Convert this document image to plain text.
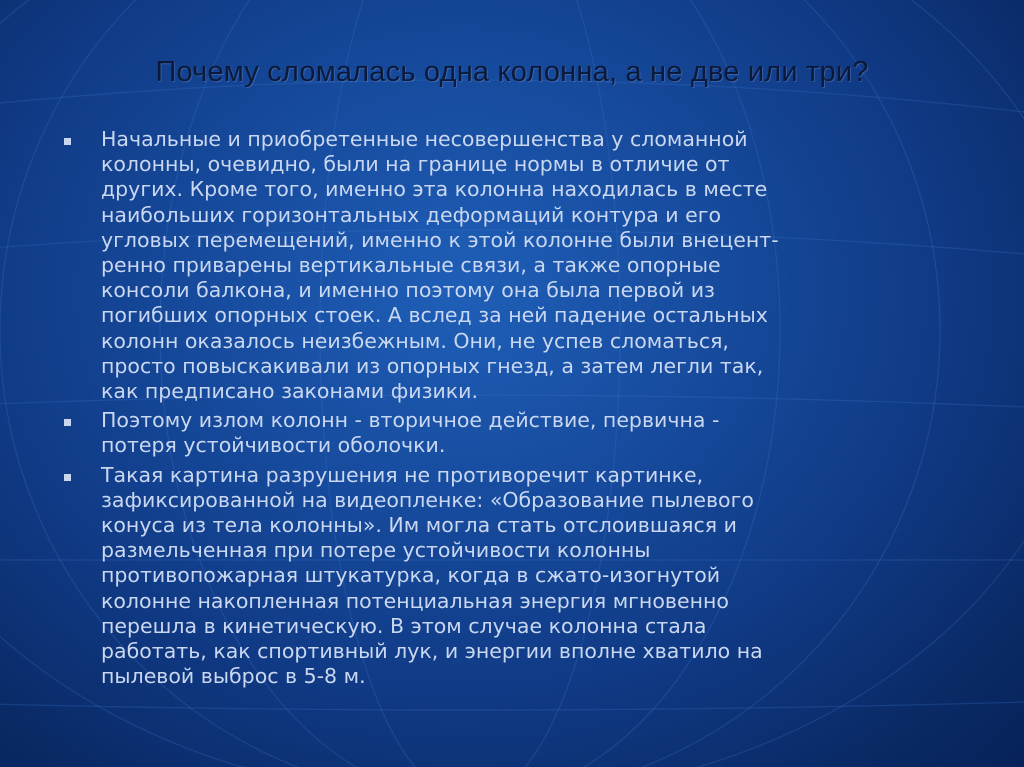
Почему сломалась одна колонна, а не две или три?
Начальные и приобретенные несовершенства у сломанной
колонны, очевидно, были на границе нормы в отличие от
других. Кроме того, именно эта колонна находилась в месте
наибольших горизонтальных деформаций контура и его
угловых перемещений, именно к этой колонне были внецент-
ренно приварены вертикальные связи, а также опорные
консоли балкона, и именно поэтому она была первой из
погибших опорных стоек. А вслед за ней падение остальных
колонн оказалось неизбежным. Они, не успев сломаться,
просто повыскакивали из опорных гнезд, а затем легли так,
как предписано законами физики.
Поэтому излом колонн - вторичное действие, первична -
потеря устойчивости оболочки.
Такая картина разрушения не противоречит картинке,
зафиксированной на видеопленке: «Образование пылевого
конуса из тела колонны». Им могла стать отслоившаяся и
размельченная при потере устойчивости колонны
противопожарная штукатурка, когда в сжато-изогнутой
колонне накопленная потенциальная энергия мгновенно
перешла в кинетическую. В этом случае колонна стала
работать, как спортивный лук, и энергии вполне хватило на
пылевой выброс в 5-8 м.
